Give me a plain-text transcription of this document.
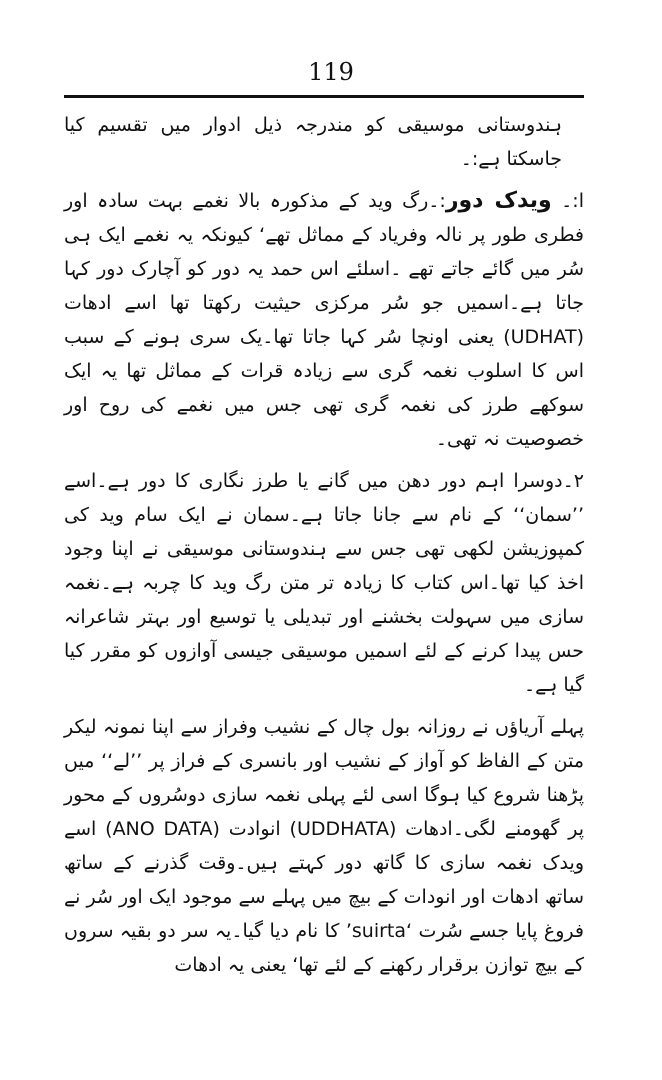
119

ہندوستانی موسیقی کو مندرجہ ذیل ادوار میں تقسیم کیا جاسکتا ہے:۔

ا:۔ ویدک دور:۔رگ وید کے مذکورہ بالا نغمے بہت سادہ اور فطری طور پر نالہ وفریاد کے مماثل تھے‘ کیونکہ یہ نغمے ایک ہی سُر میں گائے جاتے تھے ۔اسلئے اس حمد یہ دور کو آچارک دور کہا جاتا ہے۔اسمیں جو سُر مرکزی حیثیت رکھتا تھا اسے ادھات (UDHAT) یعنی اونچا سُر کہا جاتا تھا۔یک سری ہونے کے سبب اس کا اسلوب نغمہ گری سے زیادہ قرات کے مماثل تھا یہ ایک سوکھے طرز کی نغمہ گری تھی جس میں نغمے کی روح اور خصوصیت نہ تھی۔

۲۔دوسرا اہم دور دھن میں گانے یا طرز نگاری کا دور ہے۔اسے ’’سمان‘‘ کے نام سے جانا جاتا ہے۔سمان نے ایک سام وید کی کمپوزیشن لکھی تھی جس سے ہندوستانی موسیقی نے اپنا وجود اخذ کیا تھا۔اس کتاب کا زیادہ تر متن رگ وید کا چربہ ہے۔نغمہ سازی میں سہولت بخشنے اور تبدیلی یا توسیع اور بہتر شاعرانہ حس پیدا کرنے کے لئے اسمیں موسیقی جیسی آوازوں کو مقرر کیا گیا ہے۔

پہلے آریاؤں نے روزانہ بول چال کے نشیب وفراز سے اپنا نمونہ لیکر متن کے الفاظ کو آواز کے نشیب اور بانسری کے فراز پر ’’لے‘‘ میں پڑھنا شروع کیا ہوگا اسی لئے پہلی نغمہ سازی دوسُروں کے محور پر گھومنے لگی۔ادھات (UDDHATA) انوادت (ANO DATA) اسے ویدک نغمہ سازی کا گاتھ دور کہتے ہیں۔وقت گذرنے کے ساتھ ساتھ ادھات اور انودات کے بیچ میں پہلے سے موجود ایک اور سُر نے فروغ پایا جسے سُرت ‘suirta’ کا نام دیا گیا۔یہ سر دو بقیہ سروں کے بیچ توازن برقرار رکھنے کے لئے تھا‘ یعنی یہ ادھات
